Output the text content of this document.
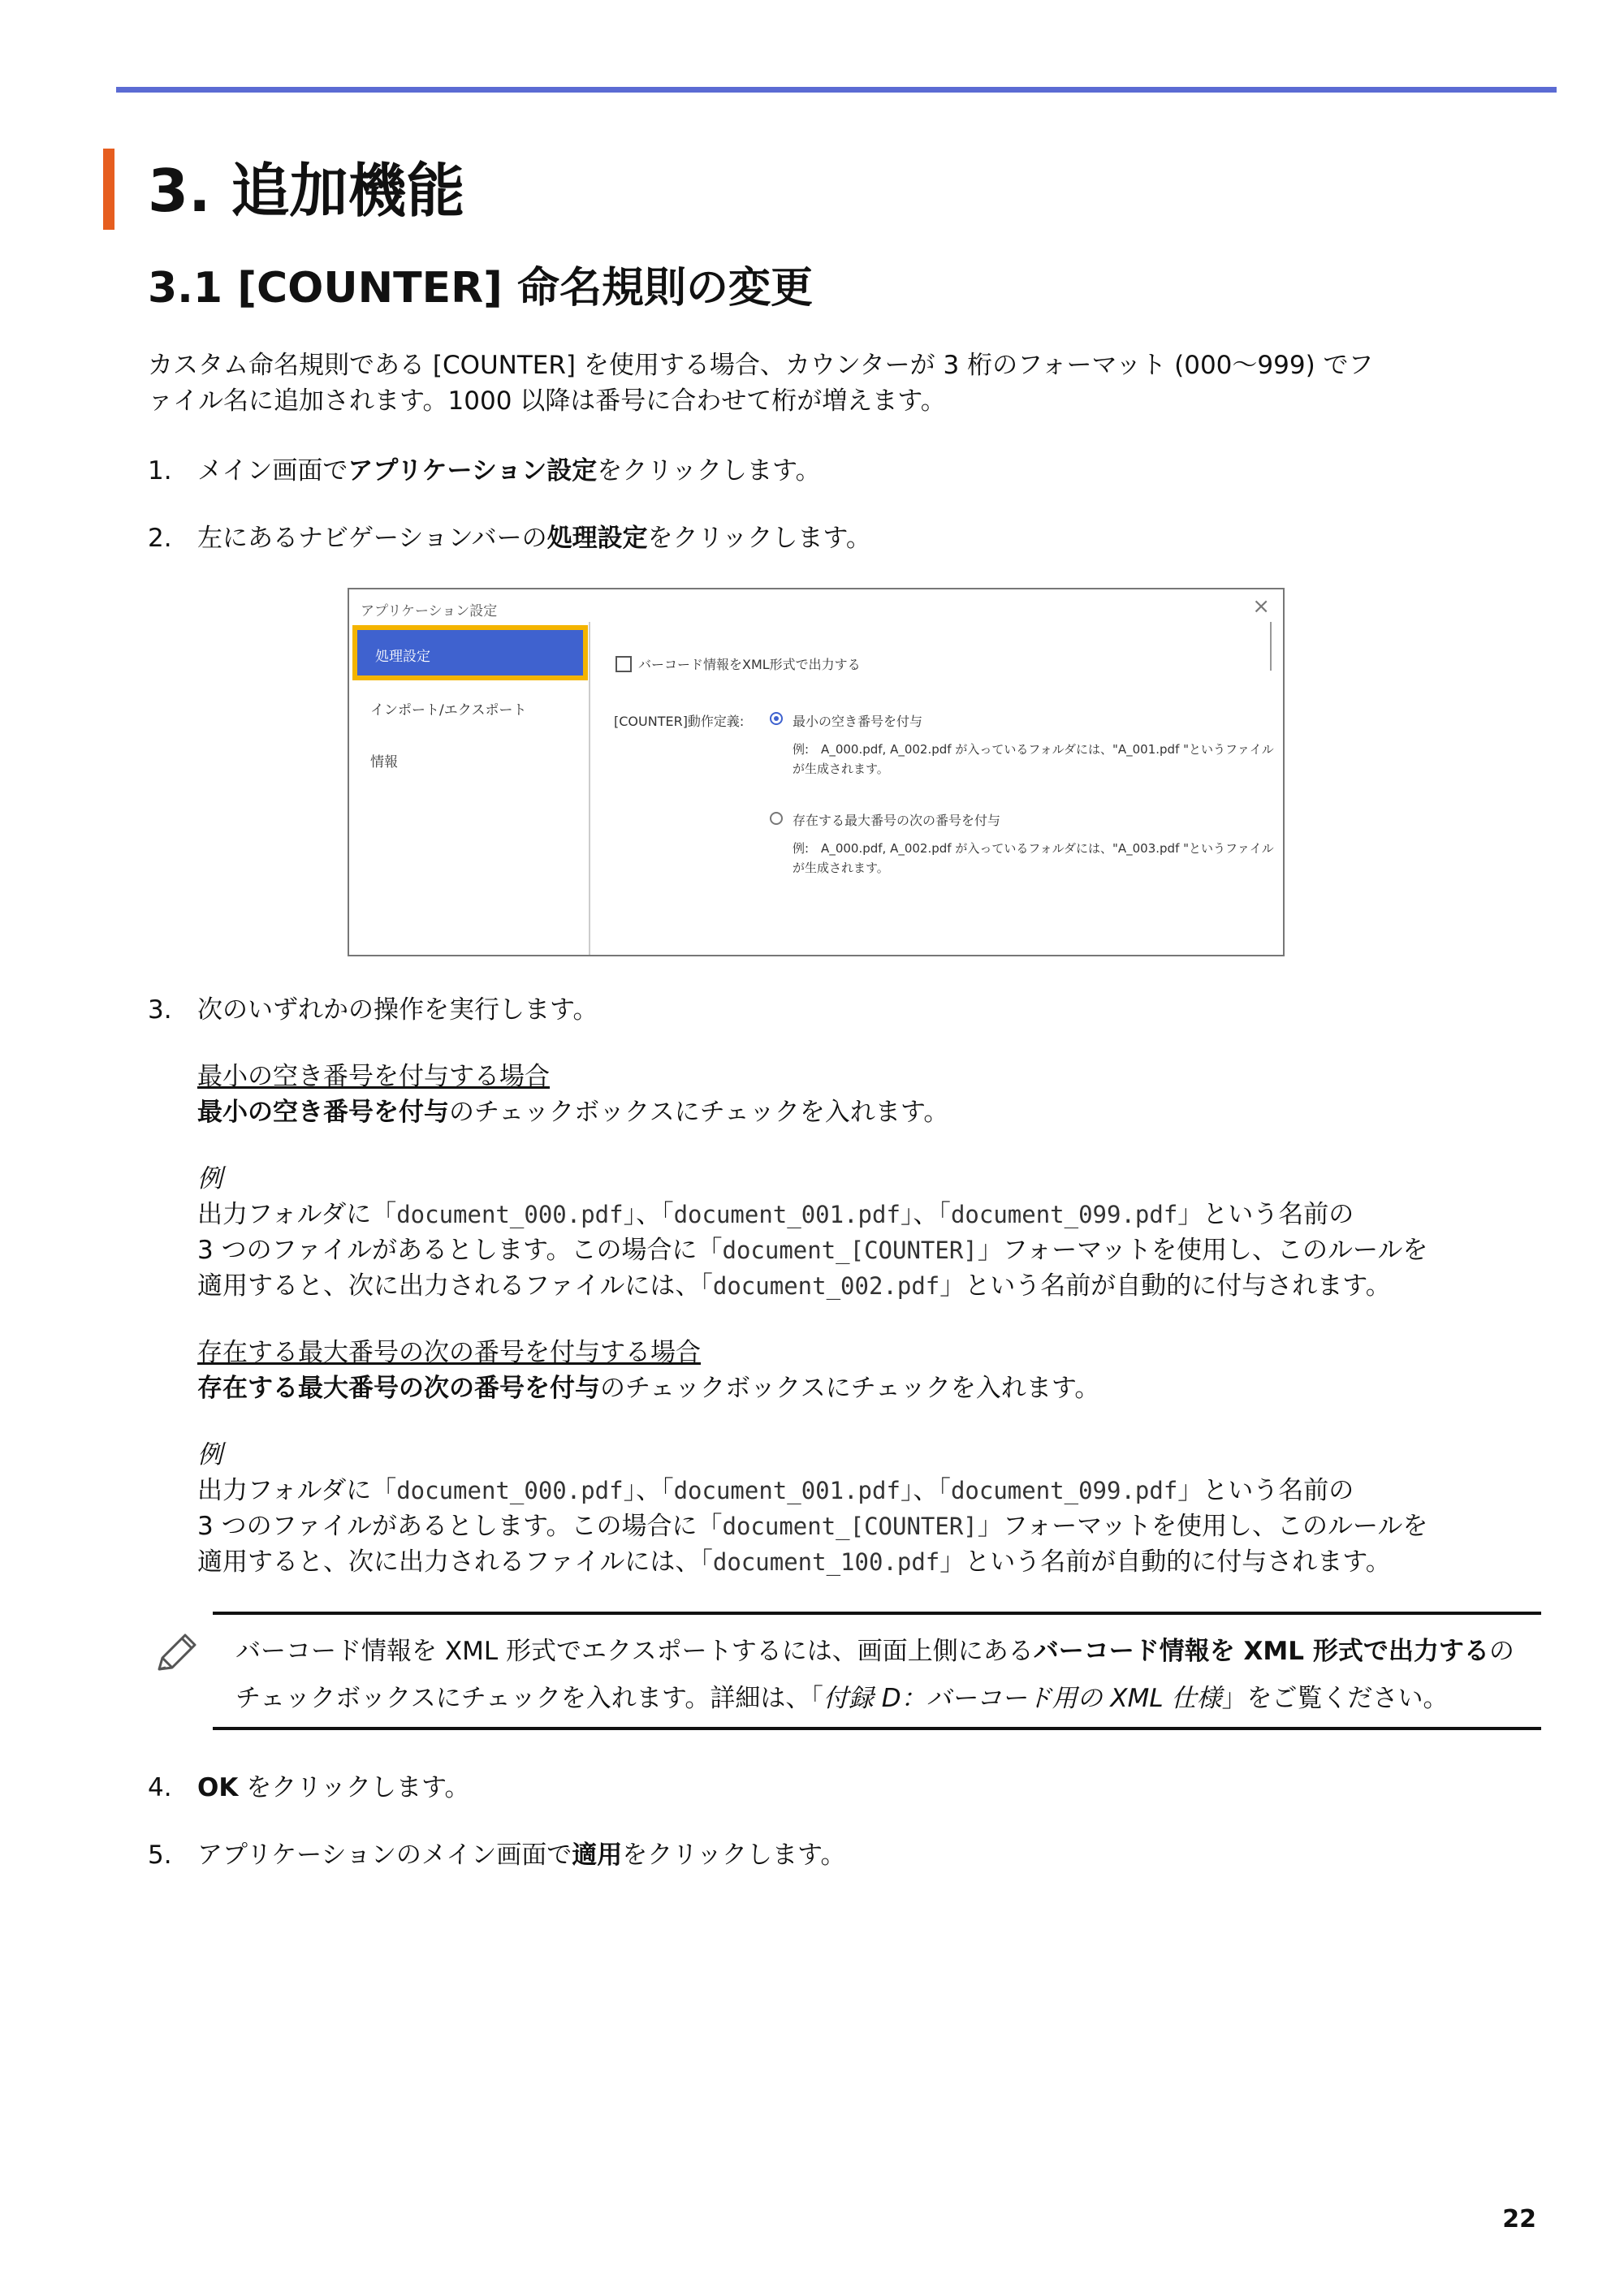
3. 追加機能
3.1 [COUNTER] 命名規則の変更
カスタム命名規則である [COUNTER] を使用する場合、カウンターが 3 桁のフォーマット (000〜999) でフ
ァイル名に追加されます。1000 以降は番号に合わせて桁が増えます。
1. メイン画面でアプリケーション設定をクリックします。
2. 左にあるナビゲーションバーの処理設定をクリックします。
アプリケーション設定	×
処理設定
インポート/エクスポート
情報
バーコード情報をXML形式で出力する
[COUNTER]動作定義:	最小の空き番号を付与
例:　A_000.pdf, A_002.pdf が入っているフォルダには、"A_001.pdf "というファイル
が生成されます。
存在する最大番号の次の番号を付与
例:　A_000.pdf, A_002.pdf が入っているフォルダには、"A_003.pdf "というファイル
が生成されます。
3. 次のいずれかの操作を実行します。
最小の空き番号を付与する場合
最小の空き番号を付与のチェックボックスにチェックを入れます。
例
出力フォルダに「document_000.pdf」、「document_001.pdf」、「document_099.pdf」という名前の
3 つのファイルがあるとします。この場合に「document_[COUNTER]」フォーマットを使用し、このルールを
適用すると、次に出力されるファイルには、「document_002.pdf」という名前が自動的に付与されます。
存在する最大番号の次の番号を付与する場合
存在する最大番号の次の番号を付与のチェックボックスにチェックを入れます。
例
出力フォルダに「document_000.pdf」、「document_001.pdf」、「document_099.pdf」という名前の
3 つのファイルがあるとします。この場合に「document_[COUNTER]」フォーマットを使用し、このルールを
適用すると、次に出力されるファイルには、「document_100.pdf」という名前が自動的に付与されます。
バーコード情報を XML 形式でエクスポートするには、画面上側にあるバーコード情報を XML 形式で出力するの
チェックボックスにチェックを入れます。詳細は、「付録 D：バーコード用の XML 仕様」をご覧ください。
4. OK をクリックします。
5. アプリケーションのメイン画面で適用をクリックします。
22
